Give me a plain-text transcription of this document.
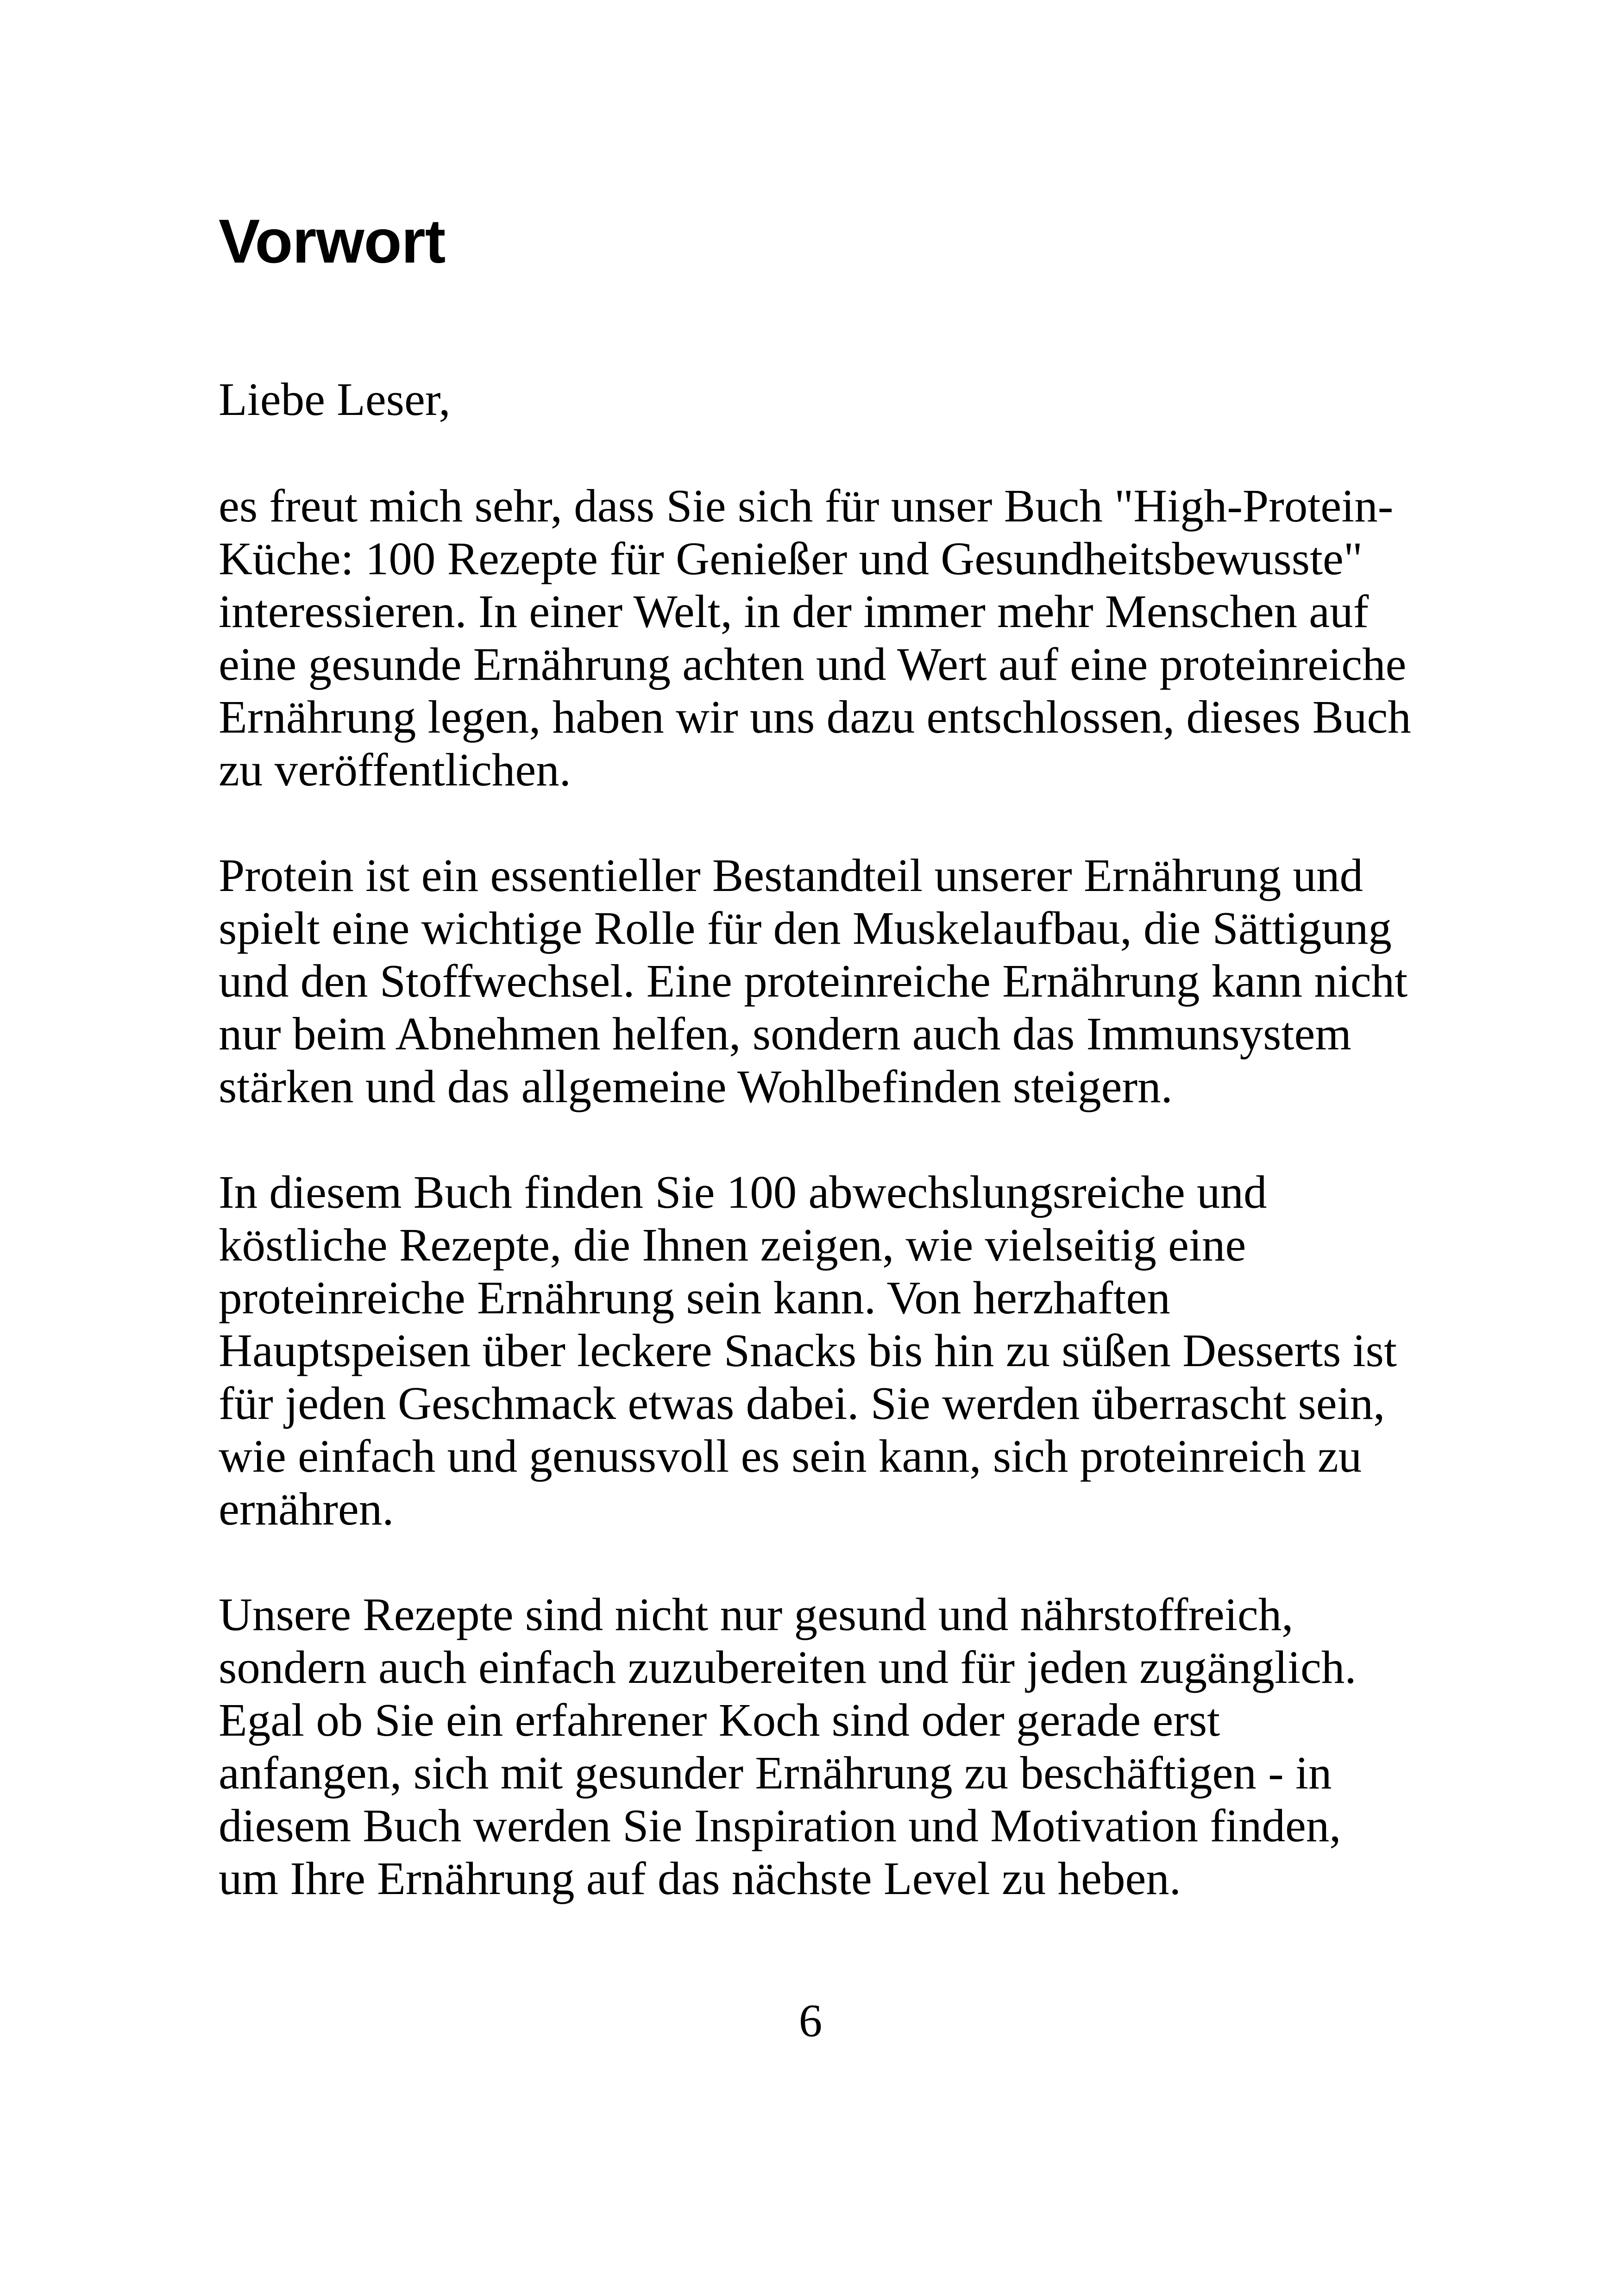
Vorwort

Liebe Leser,

es freut mich sehr, dass Sie sich für unser Buch "High-Protein-

Küche: 100 Rezepte für Genießer und Gesundheitsbewusste"

interessieren. In einer Welt, in der immer mehr Menschen auf

eine gesunde Ernährung achten und Wert auf eine proteinreiche

Ernährung legen, haben wir uns dazu entschlossen, dieses Buch

zu veröffentlichen.

Protein ist ein essentieller Bestandteil unserer Ernährung und

spielt eine wichtige Rolle für den Muskelaufbau, die Sättigung

und den Stoffwechsel. Eine proteinreiche Ernährung kann nicht

nur beim Abnehmen helfen, sondern auch das Immunsystem

stärken und das allgemeine Wohlbefinden steigern.

In diesem Buch finden Sie 100 abwechslungsreiche und

köstliche Rezepte, die Ihnen zeigen, wie vielseitig eine

proteinreiche Ernährung sein kann. Von herzhaften

Hauptspeisen über leckere Snacks bis hin zu süßen Desserts ist

für jeden Geschmack etwas dabei. Sie werden überrascht sein,

wie einfach und genussvoll es sein kann, sich proteinreich zu

ernähren.

Unsere Rezepte sind nicht nur gesund und nährstoffreich,

sondern auch einfach zuzubereiten und für jeden zugänglich.

Egal ob Sie ein erfahrener Koch sind oder gerade erst

anfangen, sich mit gesunder Ernährung zu beschäftigen - in

diesem Buch werden Sie Inspiration und Motivation finden,

um Ihre Ernährung auf das nächste Level zu heben.

6
